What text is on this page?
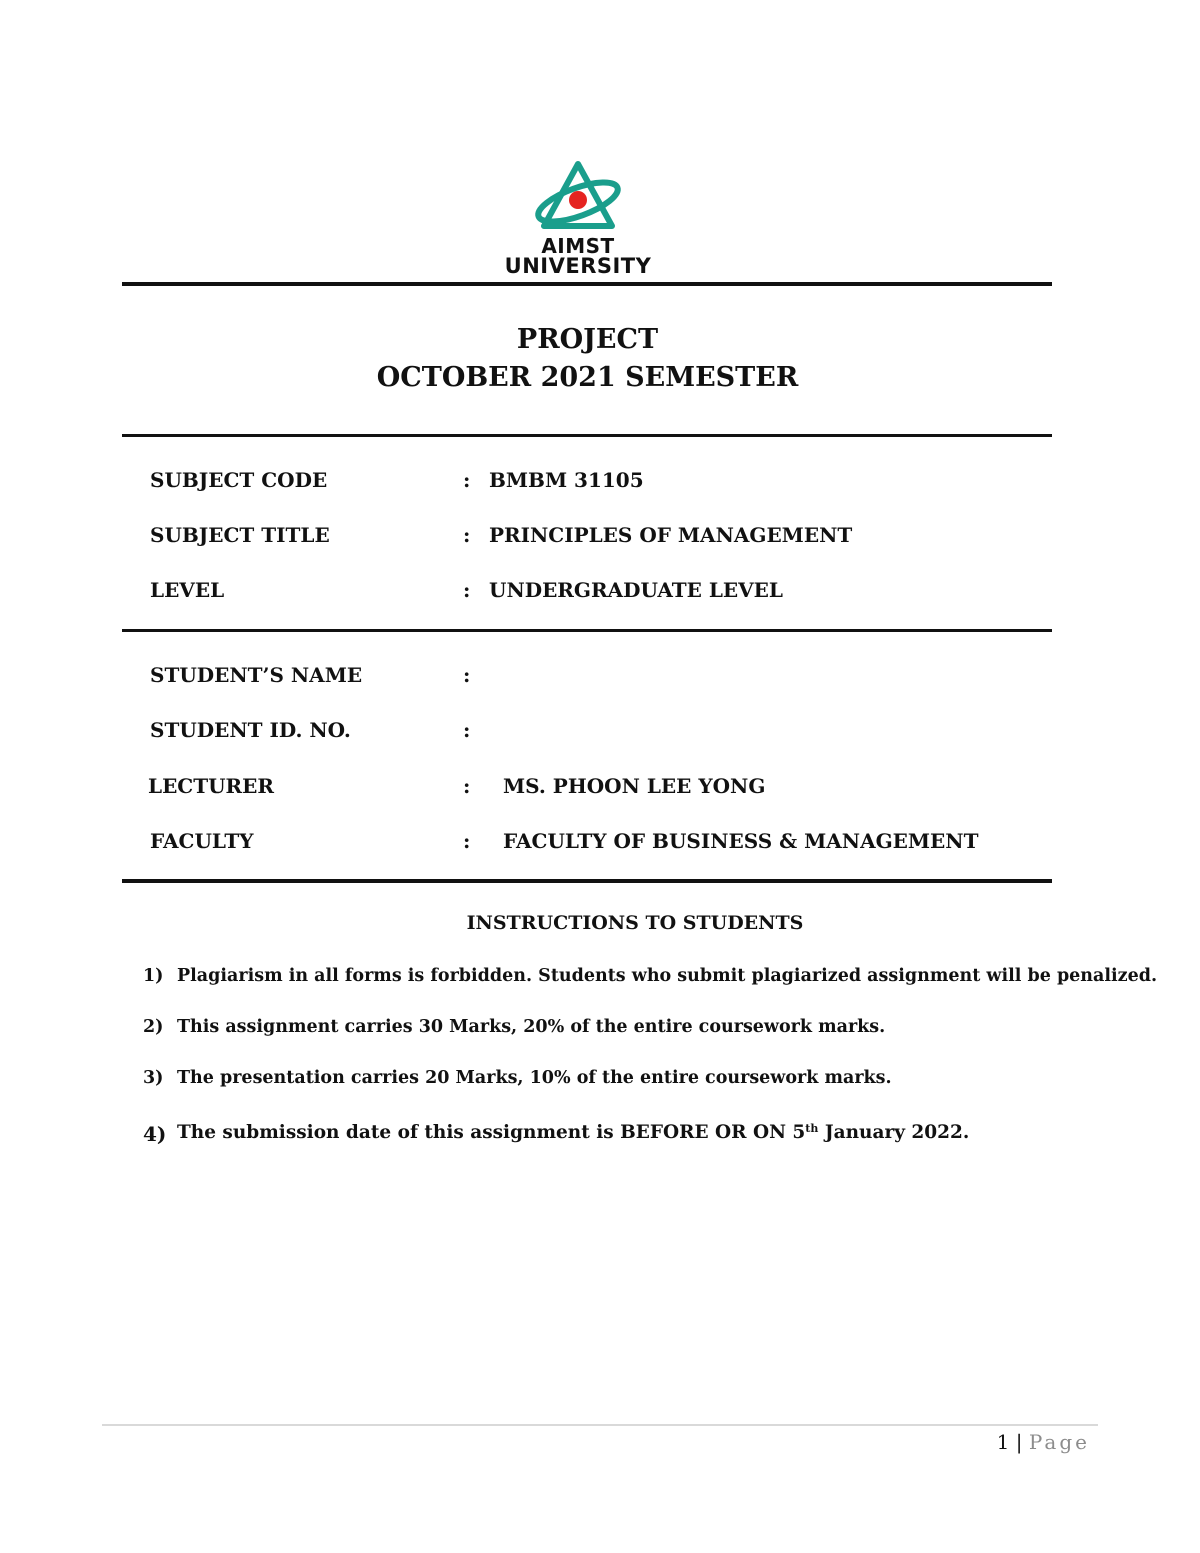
AIMST
UNIVERSITY
PROJECT
OCTOBER 2021 SEMESTER
SUBJECT CODE	: BMBM 31105
SUBJECT TITLE	: PRINCIPLES OF MANAGEMENT
LEVEL	: UNDERGRADUATE LEVEL
STUDENT’S NAME	:
STUDENT ID. NO.	:
LECTURER	: MS. PHOON LEE YONG
FACULTY	: FACULTY OF BUSINESS & MANAGEMENT
INSTRUCTIONS TO STUDENTS
1) Plagiarism in all forms is forbidden. Students who submit plagiarized assignment will be penalized.
2) This assignment carries 30 Marks, 20% of the entire coursework marks.
3) The presentation carries 20 Marks, 10% of the entire coursework marks.
4) The submission date of this assignment is BEFORE OR ON 5th January 2022.
1 | Page
